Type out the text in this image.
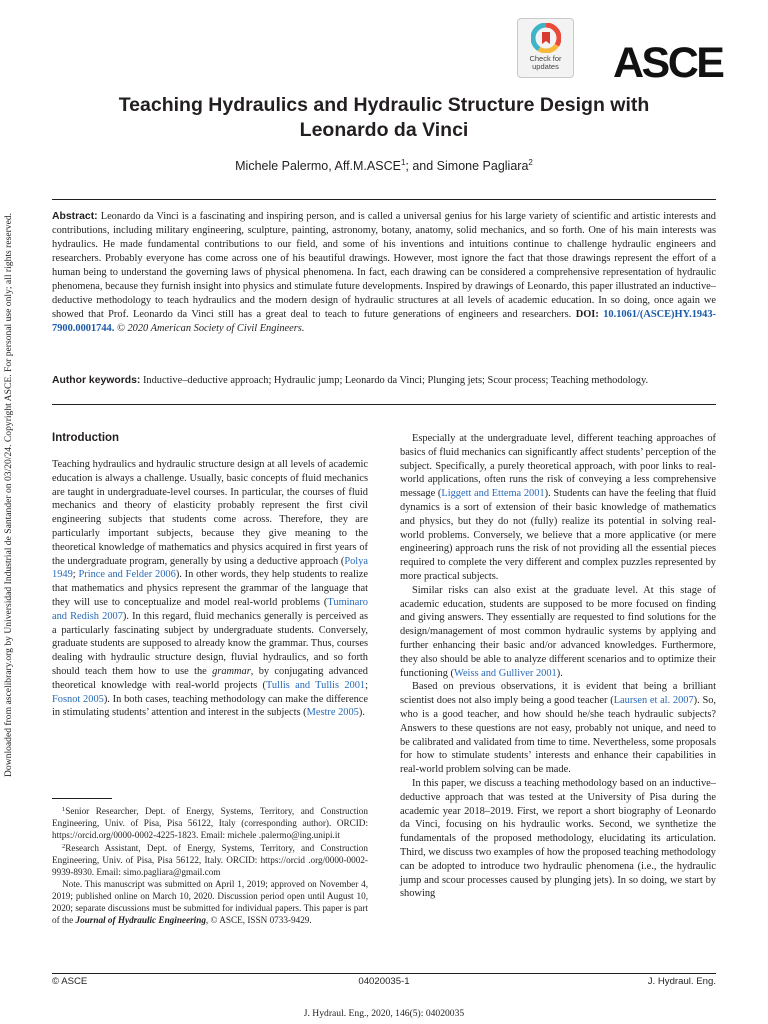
Downloaded from ascelibrary.org by Universidad Industrial de Santander on 03/20/24. Copyright ASCE. For personal use only; all rights reserved.
Check for
updates ASCE
Teaching Hydraulics and Hydraulic Structure Design with Leonardo da Vinci
Michele Palermo, Aff.M.ASCE$^1$; and Simone Pagliara$^2$
Abstract: Leonardo da Vinci is a fascinating and inspiring person, and is called a universal genius for his large variety of scientific and artistic interests and contributions, including military engineering, sculpture, painting, astronomy, botany, anatomy, solid mechanics, and so forth. One of his main interests was hydraulics. He made fundamental contributions to our field, and some of his inventions and intuitions continue to challenge hydraulic engineers and researchers. Probably everyone has come across one of his beautiful drawings. However, most ignore the fact that those drawings represent the effort of a human being to understand the governing laws of physical phenomena. In fact, each drawing can be considered a comprehensive representation of hydraulic phenomena, because they furnish insight into physics and stimulate future developments. Inspired by drawings of Leonardo, this paper illustrated an inductive–deductive methodology to teach hydraulics and the modern design of hydraulic structures at all levels of academic education. In so doing, once again we showed that Prof. Leonardo da Vinci still has a great deal to teach to future generations of engineers and researchers. DOI: 10.1061/(ASCE)HY.1943-7900.0001744. © 2020 American Society of Civil Engineers.
Author keywords: Inductive–deductive approach; Hydraulic jump; Leonardo da Vinci; Plunging jets; Scour process; Teaching methodology.
Introduction

Teaching hydraulics and hydraulic structure design at all levels of academic education is always a challenge. Usually, basic concepts of fluid mechanics are taught in undergraduate-level courses. In particular, the courses of fluid mechanics and theory of elasticity probably represent the first civil engineering subjects that students come across. Therefore, they are particularly important subjects, because they give meaning to the theoretical knowledge of mathematics and physics acquired in first years of the undergraduate program, generally by using a deductive approach (Polya 1949; Prince and Felder 2006). In other words, they help students to realize that mathematics and physics represent the grammar of the language that they will use to conceptualize and model real-world problems (Tuminaro and Redish 2007). In this regard, fluid mechanics generally is perceived as a particularly fascinating subject by undergraduate students. Conversely, graduate students are supposed to already know the grammar. Thus, courses dealing with hydraulic structure design, fluvial hydraulics, and so forth should teach them how to use the grammar, by conjugating advanced theoretical knowledge with real-world projects (Tullis and Tullis 2001; Fosnot 2005). In both cases, teaching methodology can make the difference in stimulating students’ attention and interest in the subjects (Mestre 2005).

$^1$Senior Researcher, Dept. of Energy, Systems, Territory, and Construction Engineering, Univ. of Pisa, Pisa 56122, Italy (corresponding author). ORCID: https://orcid.org/0000-0002-4225-1823. Email: michele .palermo@ing.unipi.it

$^2$Research Assistant, Dept. of Energy, Systems, Territory, and Construction Engineering, Univ. of Pisa, Pisa 56122, Italy. ORCID: https://orcid .org/0000-0002-9939-8930. Email: simo.pagliara@gmail.com

Note. This manuscript was submitted on April 1, 2019; approved on November 4, 2019; published online on March 10, 2020. Discussion period open until August 10, 2020; separate discussions must be submitted for individual papers. This paper is part of the Journal of Hydraulic Engineering, © ASCE, ISSN 0733-9429.

Especially at the undergraduate level, different teaching approaches of basics of fluid mechanics can significantly affect students’ perception of the subject. Specifically, a purely theoretical approach, with poor links to real-world applications, often runs the risk of conveying a less comprehensive message (Liggett and Ettema 2001). Students can have the feeling that fluid dynamics is a sort of extension of their basic knowledge of mathematics and physics, but they do not (fully) realize its potential in solving real-world problems. Conversely, we believe that a more applicative (or mere engineering) approach runs the risk of not providing all the essential pieces required to complete the very different and complex puzzles represented by more practical subjects.

Similar risks can also exist at the graduate level. At this stage of academic education, students are supposed to be more focused on finding and giving answers. They essentially are requested to find solutions for the design/management of most common hydraulic systems by applying and further enhancing their basic and/or advanced knowledges. Furthermore, they also should be able to analyze different scenarios and to optimize their functioning (Weiss and Gulliver 2001).

Based on previous observations, it is evident that being a brilliant scientist does not also imply being a good teacher (Laursen et al. 2007). So, who is a good teacher, and how should he/she teach hydraulic subjects? Answers to these questions are not easy, probably not unique, and need to be calibrated and validated from time to time. Nevertheless, some proposals for how to stimulate students’ interests and enhance their capabilities in real-world problem solving can be made.

In this paper, we discuss a teaching methodology based on an inductive–deductive approach that was tested at the University of Pisa during the academic year 2018–2019. First, we report a short biography of Leonardo da Vinci, focusing on his hydraulic works. Second, we synthetize the fundamentals of the proposed methodology, elucidating its articulation. Third, we discuss two examples of how the proposed teaching methodology can be adopted to introduce two hydraulic phenomena (i.e., the hydraulic jump and scour processes caused by plunging jets). In so doing, we start by showing

© ASCE	04020035-1	J. Hydraul. Eng.
J. Hydraul. Eng., 2020, 146(5): 04020035
